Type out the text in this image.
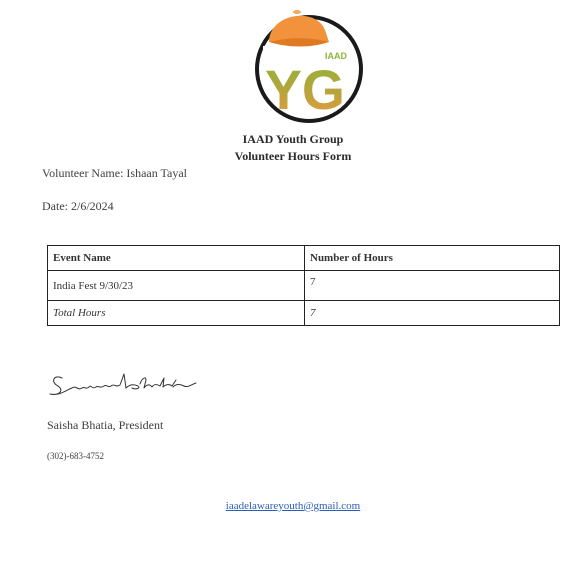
YG
IAAD
IAAD Youth Group
Volunteer Hours Form
Volunteer Name: Ishaan Tayal
Date: 2/6/2024
Event Name	Number of Hours
India Fest 9/30/23	7
Total Hours	7
Saisha Bhatia, President
(302)-683-4752
iaadelawareyouth@gmail.com
